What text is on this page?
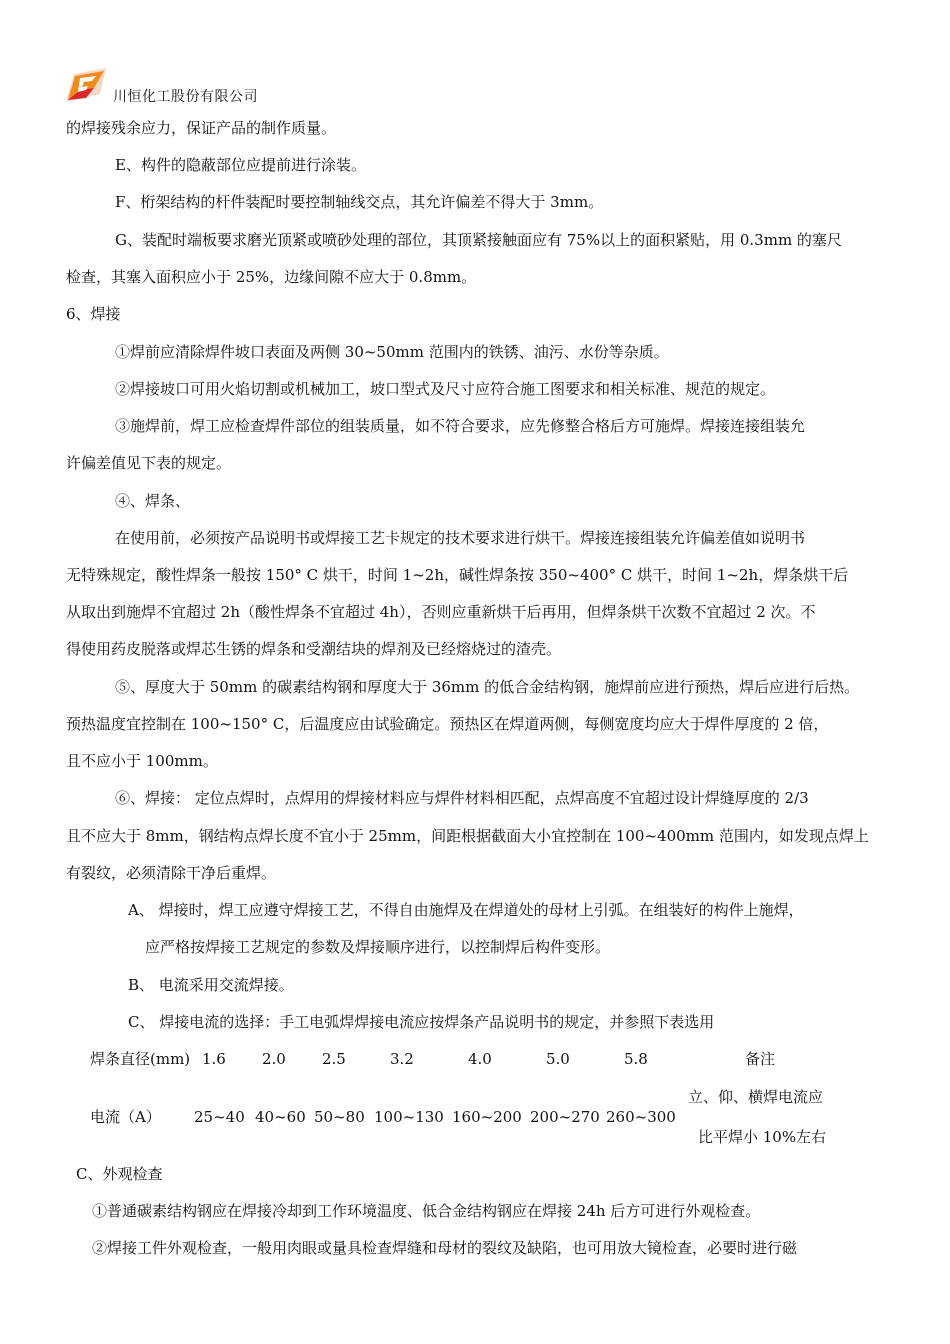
川恒化工股份有限公司
的焊接残余应力，保证产品的制作质量。
E、构件的隐蔽部位应提前进行涂装。
F、桁架结构的杆件装配时要控制轴线交点，其允许偏差不得大于 3mm。
G、装配时端板要求磨光顶紧或喷砂处理的部位，其顶紧接触面应有 75%以上的面积紧贴，用 0.3mm 的塞尺
检查，其塞入面积应小于 25%，边缘间隙不应大于 0.8mm。
6、焊接
①焊前应清除焊件坡口表面及两侧 30~50mm 范围内的铁锈、油污、水份等杂质。
②焊接坡口可用火焰切割或机械加工，坡口型式及尺寸应符合施工图要求和相关标准、规范的规定。
③施焊前，焊工应检查焊件部位的组装质量，如不符合要求，应先修整合格后方可施焊。焊接连接组装允
许偏差值见下表的规定。
④、焊条、
在使用前，必须按产品说明书或焊接工艺卡规定的技术要求进行烘干。焊接连接组装允许偏差值如说明书
无特殊规定，酸性焊条一般按 150° C 烘干，时间 1~2h，碱性焊条按 350~400° C 烘干，时间 1~2h，焊条烘干后
从取出到施焊不宜超过 2h（酸性焊条不宜超过 4h），否则应重新烘干后再用，但焊条烘干次数不宜超过 2 次。不
得使用药皮脱落或焊芯生锈的焊条和受潮结块的焊剂及已经熔烧过的渣壳。
⑤、厚度大于 50mm 的碳素结构钢和厚度大于 36mm 的低合金结构钢，施焊前应进行预热，焊后应进行后热。
预热温度宜控制在 100~150° C，后温度应由试验确定。预热区在焊道两侧，每侧宽度均应大于焊件厚度的 2 倍，
且不应小于 100mm。
⑥、焊接： 定位点焊时，点焊用的焊接材料应与焊件材料相匹配，点焊高度不宜超过设计焊缝厚度的 2/3
且不应大于 8mm，钢结构点焊长度不宜小于 25mm，间距根据截面大小宜控制在 100~400mm 范围内，如发现点焊上
有裂纹，必须清除干净后重焊。
A、 焊接时，焊工应遵守焊接工艺，不得自由施焊及在焊道处的母材上引弧。在组装好的构件上施焊，
应严格按焊接工艺规定的参数及焊接顺序进行，以控制焊后构件变形。
B、 电流采用交流焊接。
C、 焊接电流的选择：手工电弧焊焊接电流应按焊条产品说明书的规定，并参照下表选用
焊条直径(mm) 1.6 2.0 2.5	3.2	4.0	5.0	5.8	备注
立、仰、横焊电流应
电流（A） 25~40 40~60 50~80 100~130 160~200 200~270 260~300
比平焊小 10%左右
C、外观检查
①普通碳素结构钢应在焊接冷却到工作环境温度、低合金结构钢应在焊接 24h 后方可进行外观检查。
②焊接工件外观检查，一般用肉眼或量具检查焊缝和母材的裂纹及缺陷，也可用放大镜检查，必要时进行磁
